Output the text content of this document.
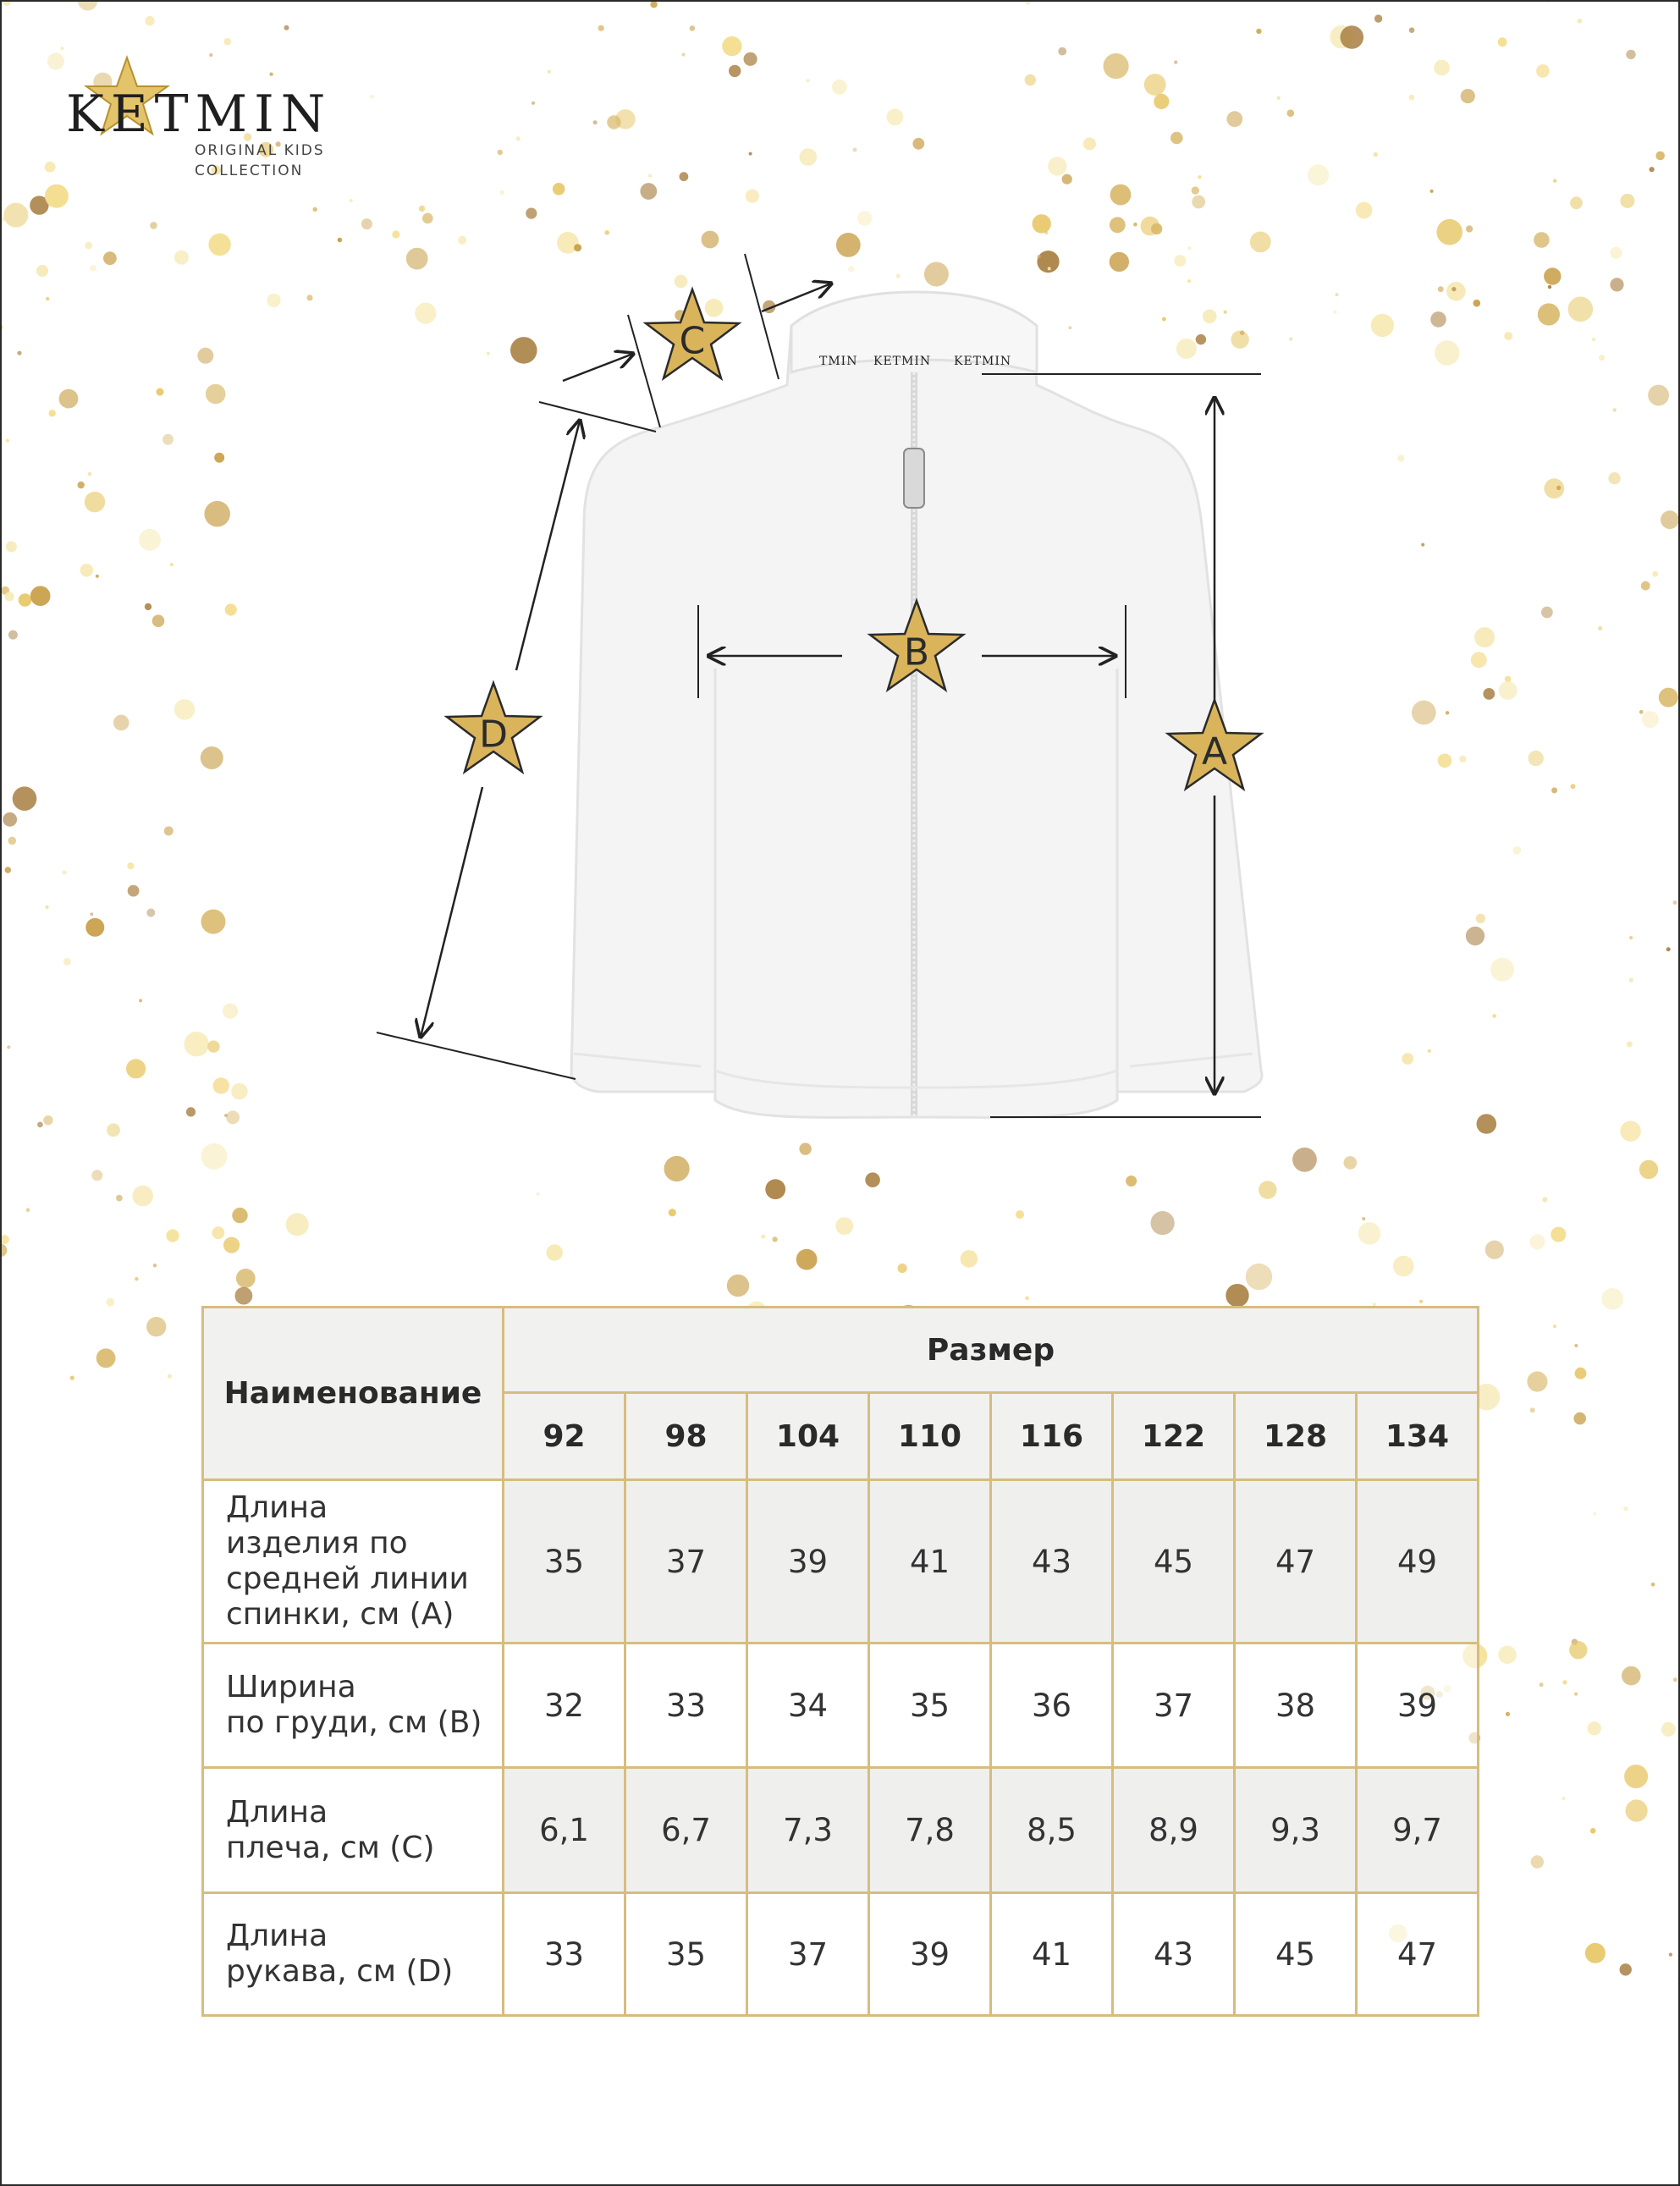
KETMIN
ORIGINAL KIDS
COLLECTION
TMIN KETMIN KETMIN
A
B
C
D
Наименование	Размер							
	92	98	104	110	116	122	128	134
Длина
изделия по
средней линии
спинки, см (А)	35	37	39	41	43	45	47	49
Ширина
по груди, см (В)	32	33	34	35	36	37	38	39
Длина
плеча, см (С)	6,1	6,7	7,3	7,8	8,5	8,9	9,3	9,7
Длина
рукава, см (D)	33	35	37	39	41	43	45	47
